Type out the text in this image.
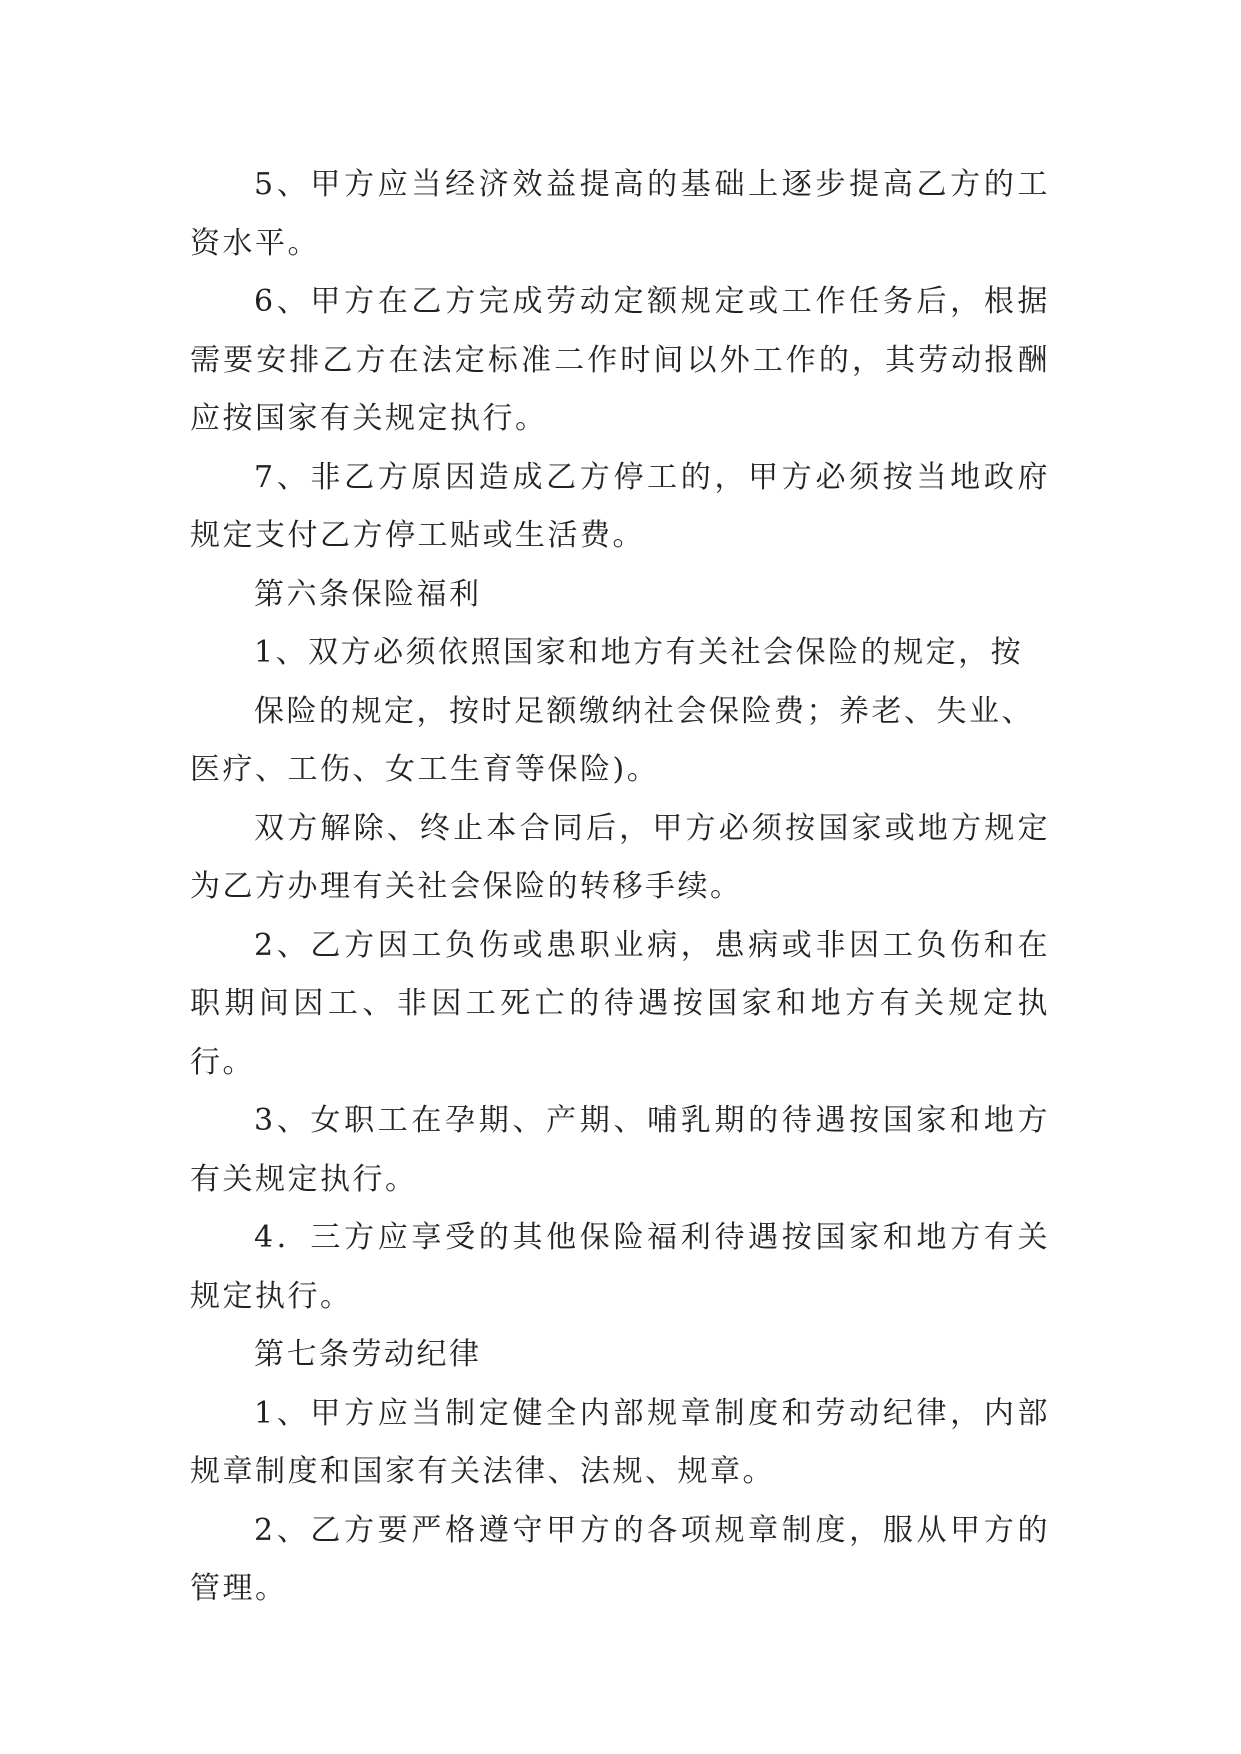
5、甲方应当经济效益提高的基础上逐步提高乙方的工资水平。

6、甲方在乙方完成劳动定额规定或工作任务后，根据需要安排乙方在法定标准二作时间以外工作的，其劳动报酬应按国家有关规定执行。

7、非乙方原因造成乙方停工的，甲方必须按当地政府规定支付乙方停工贴或生活费。

第六条保险福利

1、双方必须依照国家和地方有关社会保险的规定，按

保险的规定，按时足额缴纳社会保险费；养老、失业、

医疗、工伤、女工生育等保险)。

双方解除、终止本合同后，甲方必须按国家或地方规定为乙方办理有关社会保险的转移手续。

2、乙方因工负伤或患职业病，患病或非因工负伤和在职期间因工、非因工死亡的待遇按国家和地方有关规定执行。

3、女职工在孕期、产期、哺乳期的待遇按国家和地方有关规定执行。

4．三方应享受的其他保险福利待遇按国家和地方有关规定执行。

第七条劳动纪律

1、甲方应当制定健全内部规章制度和劳动纪律，内部规章制度和国家有关法律、法规、规章。

2、乙方要严格遵守甲方的各项规章制度，服从甲方的管理。
